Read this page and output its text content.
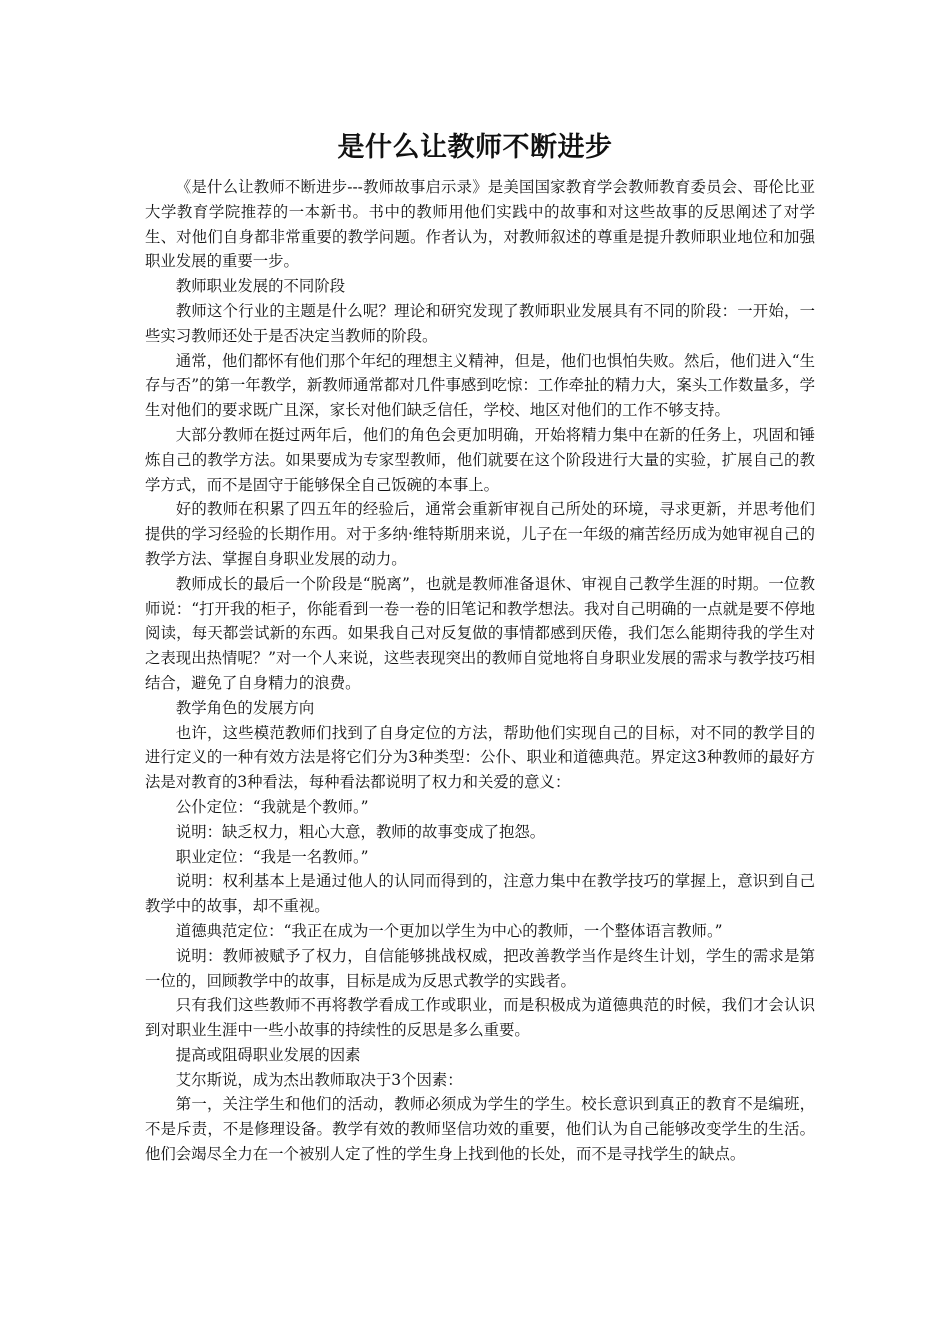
是什么让教师不断进步

《是什么让教师不断进步---教师故事启示录》是美国国家教育学会教师教育委员会、哥伦比亚大学教育学院推荐的一本新书。书中的教师用他们实践中的故事和对这些故事的反思阐述了对学生、对他们自身都非常重要的教学问题。作者认为，对教师叙述的尊重是提升教师职业地位和加强职业发展的重要一步。

教师职业发展的不同阶段

教师这个行业的主题是什么呢？理论和研究发现了教师职业发展具有不同的阶段：一开始，一些实习教师还处于是否决定当教师的阶段。

通常，他们都怀有他们那个年纪的理想主义精神，但是，他们也惧怕失败。然后，他们进入“生存与否”的第一年教学，新教师通常都对几件事感到吃惊：工作牵扯的精力大，案头工作数量多，学生对他们的要求既广且深，家长对他们缺乏信任，学校、地区对他们的工作不够支持。

大部分教师在挺过两年后，他们的角色会更加明确，开始将精力集中在新的任务上，巩固和锤炼自己的教学方法。如果要成为专家型教师，他们就要在这个阶段进行大量的实验，扩展自己的教学方式，而不是固守于能够保全自己饭碗的本事上。

好的教师在积累了四五年的经验后，通常会重新审视自己所处的环境，寻求更新，并思考他们提供的学习经验的长期作用。对于多纳·维特斯朋来说，儿子在一年级的痛苦经历成为她审视自己的教学方法、掌握自身职业发展的动力。

教师成长的最后一个阶段是“脱离”，也就是教师准备退休、审视自己教学生涯的时期。一位教师说：“打开我的柜子，你能看到一卷一卷的旧笔记和教学想法。我对自己明确的一点就是要不停地阅读，每天都尝试新的东西。如果我自己对反复做的事情都感到厌倦，我们怎么能期待我的学生对之表现出热情呢？”对一个人来说，这些表现突出的教师自觉地将自身职业发展的需求与教学技巧相结合，避免了自身精力的浪费。

教学角色的发展方向

也许，这些模范教师们找到了自身定位的方法，帮助他们实现自己的目标，对不同的教学目的进行定义的一种有效方法是将它们分为3种类型：公仆、职业和道德典范。界定这3种教师的最好方法是对教育的3种看法，每种看法都说明了权力和关爱的意义：

公仆定位：“我就是个教师。”

说明：缺乏权力，粗心大意，教师的故事变成了抱怨。

职业定位：“我是一名教师。”

说明：权利基本上是通过他人的认同而得到的，注意力集中在教学技巧的掌握上，意识到自己教学中的故事，却不重视。

道德典范定位：“我正在成为一个更加以学生为中心的教师，一个整体语言教师。”

说明：教师被赋予了权力，自信能够挑战权威，把改善教学当作是终生计划，学生的需求是第一位的，回顾教学中的故事，目标是成为反思式教学的实践者。

只有我们这些教师不再将教学看成工作或职业，而是积极成为道德典范的时候，我们才会认识到对职业生涯中一些小故事的持续性的反思是多么重要。

提高或阻碍职业发展的因素

艾尔斯说，成为杰出教师取决于3个因素：

第一，关注学生和他们的活动，教师必须成为学生的学生。校长意识到真正的教育不是编班，不是斥责，不是修理设备。教学有效的教师坚信功效的重要，他们认为自己能够改变学生的生活。他们会竭尽全力在一个被别人定了性的学生身上找到他的长处，而不是寻找学生的缺点。
